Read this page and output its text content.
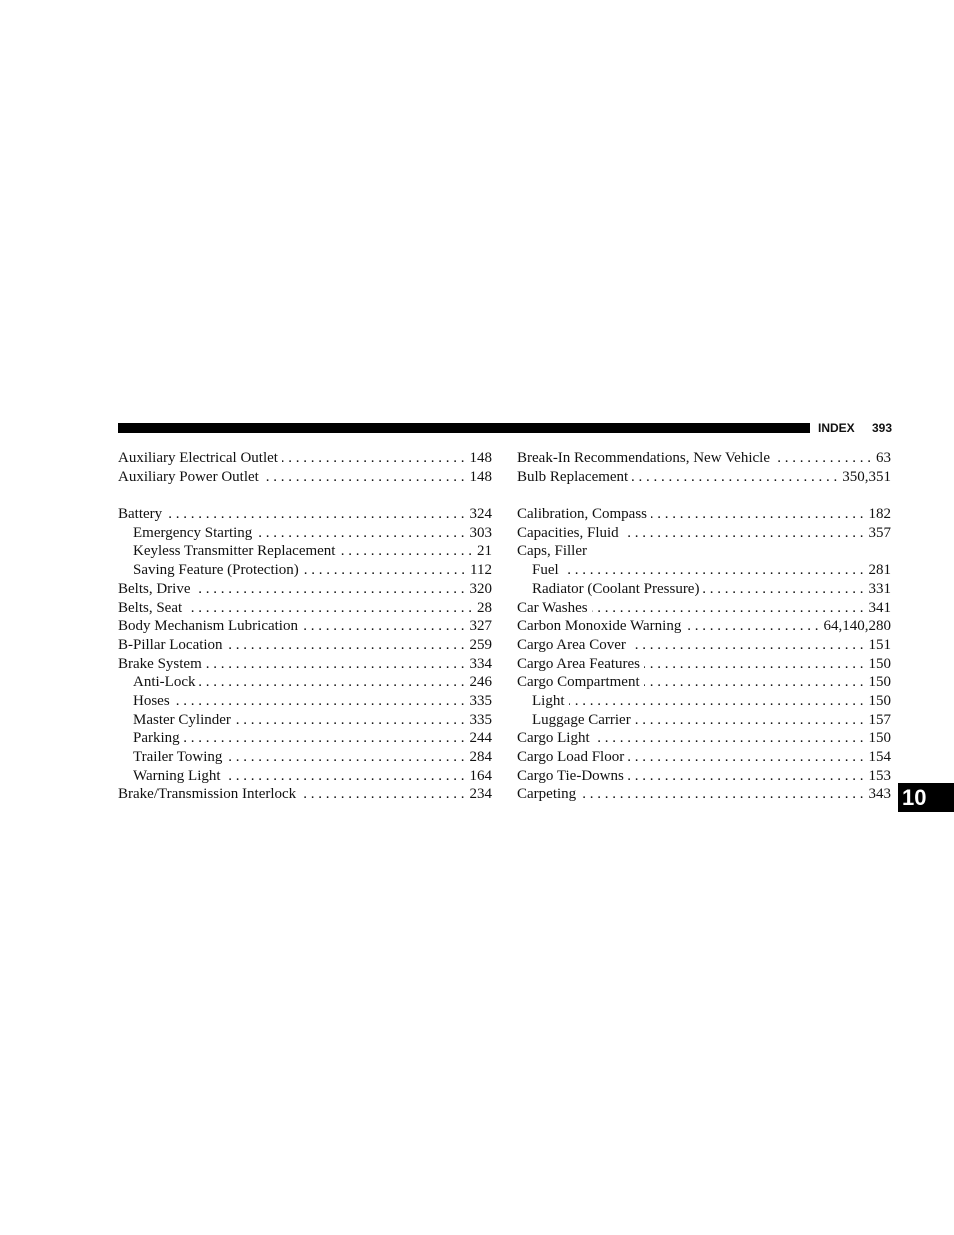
INDEX 393
Auxiliary Electrical Outlet . . .	148
Auxiliary Power Outlet . . .	148
Battery . . .	324
Emergency Starting . . .	303
Keyless Transmitter Replacement . . .	21
Saving Feature (Protection) . . .	112
Belts, Drive . . .	320
Belts, Seat . . .	28
Body Mechanism Lubrication . . .	327
B-Pillar Location . . .	259
Brake System . . .	334
Anti-Lock . . .	246
Hoses . . .	335
Master Cylinder . . .	335
Parking . . .	244
Trailer Towing . . .	284
Warning Light . . .	164
Brake/Transmission Interlock . . .	234
Break-In Recommendations, New Vehicle . . .	63
Bulb Replacement . . .	350,351
Calibration, Compass . . .	182
Capacities, Fluid . . .	357
Caps, Filler
Fuel . . .	281
Radiator (Coolant Pressure) . . .	331
Car Washes . . .	341
Carbon Monoxide Warning . . .	64,140,280
Cargo Area Cover . . .	151
Cargo Area Features . . .	150
Cargo Compartment . . .	150
Light . . .	150
Luggage Carrier . . .	157
Cargo Light . . .	150
Cargo Load Floor . . .	154
Cargo Tie-Downs . . .	153
Carpeting . . .	343 10
